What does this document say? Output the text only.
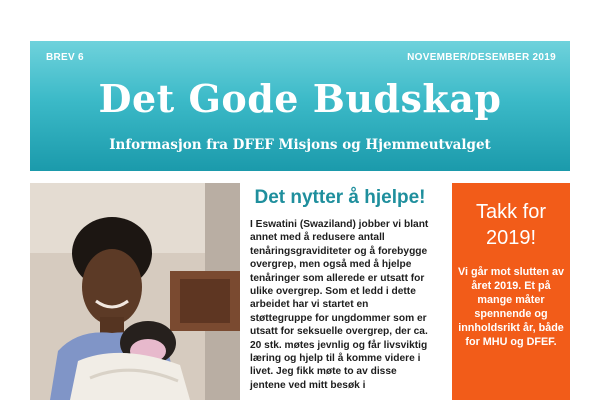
BREV 6	NOVEMBER/DESEMBER 2019
Det Gode Budskap
Informasjon fra DFEF Misjons og Hjemmeutvalget
Det nytter å hjelpe!

I Eswatini (Swaziland) jobber vi blant annet med å redusere antall tenåringsgraviditeter og å forebygge overgrep, men også med å hjelpe tenåringer som allerede er utsatt for ulike overgrep. Som et ledd i dette arbeidet har vi startet en støttegruppe for ungdommer som er utsatt for seksuelle overgrep, der ca. 20 stk. møtes jevnlig og får livsviktig læring og hjelp til å komme videre i livet. Jeg fikk møte to av disse jentene ved mitt besøk i

Takk for 2019!

Vi går mot slutten av året 2019. Et på mange måter spennende og innholdsrikt år, både for MHU og DFEF.
